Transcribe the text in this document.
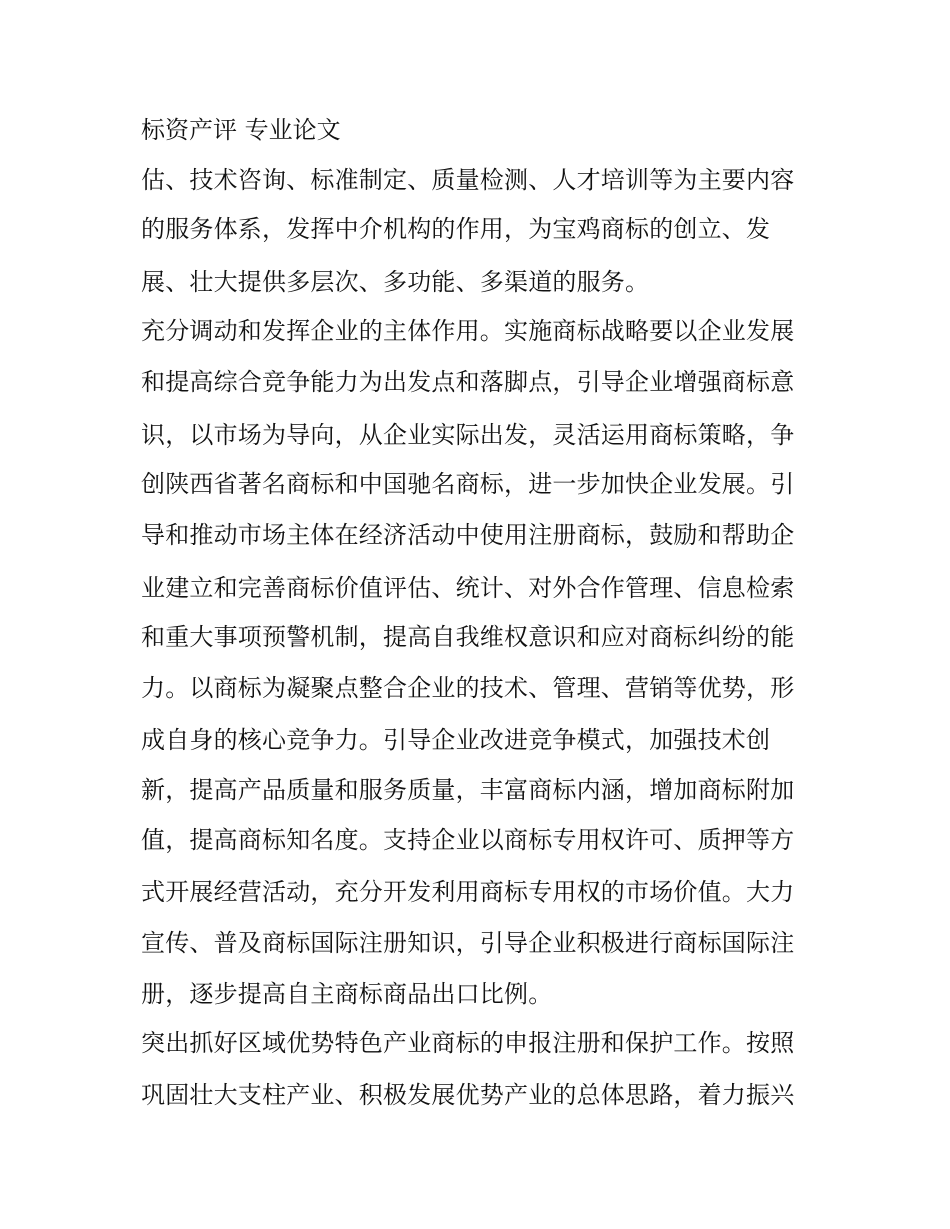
标资产评 专业论文
估、技术咨询、标准制定、质量检测、人才培训等为主要内容
的服务体系，发挥中介机构的作用，为宝鸡商标的创立、发
展、壮大提供多层次、多功能、多渠道的服务。
充分调动和发挥企业的主体作用。实施商标战略要以企业发展
和提高综合竞争能力为出发点和落脚点，引导企业增强商标意
识，以市场为导向，从企业实际出发，灵活运用商标策略，争
创陕西省著名商标和中国驰名商标，进一步加快企业发展。引
导和推动市场主体在经济活动中使用注册商标，鼓励和帮助企
业建立和完善商标价值评估、统计、对外合作管理、信息检索
和重大事项预警机制，提高自我维权意识和应对商标纠纷的能
力。以商标为凝聚点整合企业的技术、管理、营销等优势，形
成自身的核心竞争力。引导企业改进竞争模式，加强技术创
新，提高产品质量和服务质量，丰富商标内涵，增加商标附加
值，提高商标知名度。支持企业以商标专用权许可、质押等方
式开展经营活动，充分开发利用商标专用权的市场价值。大力
宣传、普及商标国际注册知识，引导企业积极进行商标国际注
册，逐步提高自主商标商品出口比例。
突出抓好区域优势特色产业商标的申报注册和保护工作。按照
巩固壮大支柱产业、积极发展优势产业的总体思路，着力振兴
